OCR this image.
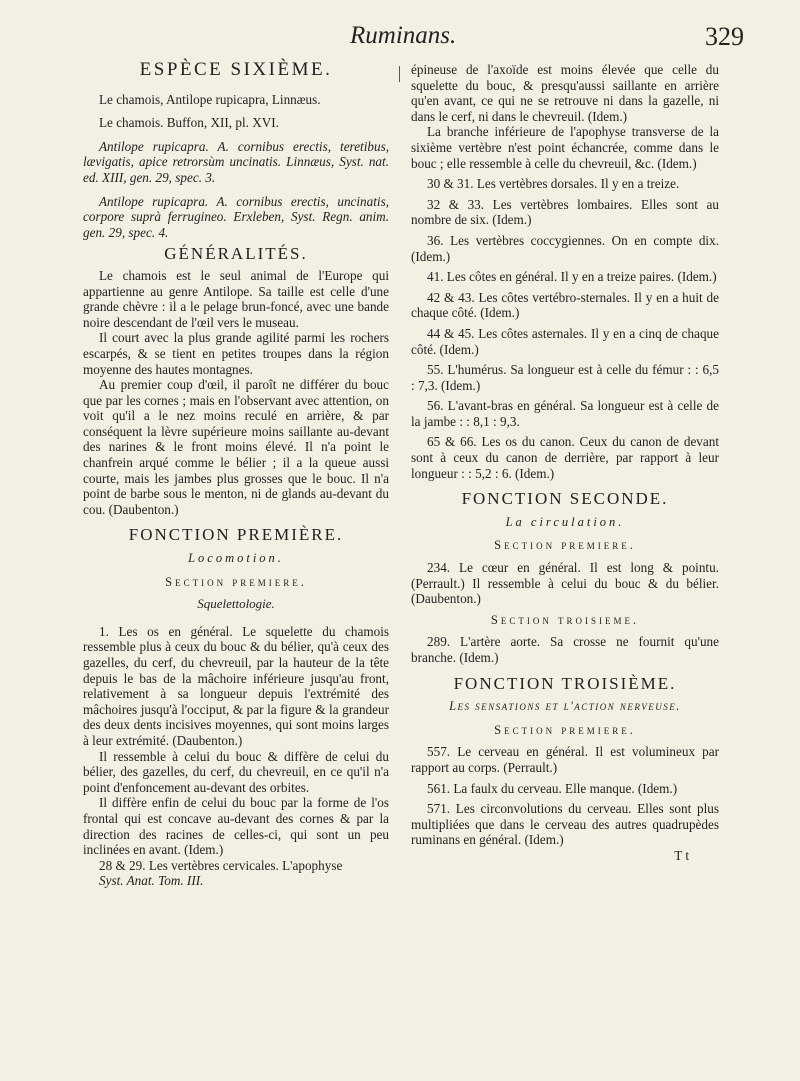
Ruminans.	329
ESPÈCE SIXIÈME.

Le chamois, Antilope rupicapra, Linnæus.

Le chamois. Buffon, XII, pl. XVI.

Antilope rupicapra. A. cornibus erectis, teretibus, lævigatis, apice retrorsùm uncinatis. Linnæus, Syst. nat. ed. XIII, gen. 29, spec. 3.

Antilope rupicapra. A. cornibus erectis, uncinatis, corpore suprà ferrugineo. Erxleben, Syst. Regn. anim. gen. 29, spec. 4.

GÉNÉRALITÉS.

Le chamois est le seul animal de l'Europe qui appartienne au genre Antilope. Sa taille est celle d'une grande chèvre : il a le pelage brun-foncé, avec une bande noire descendant de l'œil vers le museau.

Il court avec la plus grande agilité parmi les rochers escarpés, & se tient en petites troupes dans la région moyenne des hautes montagnes.

Au premier coup d'œil, il paroît ne différer du bouc que par les cornes ; mais en l'observant avec attention, on voit qu'il a le nez moins reculé en arrière, & par conséquent la lèvre supérieure moins saillante au-devant des narines & le front moins élevé. Il n'a point le chanfrein arqué comme le bélier ; il a la queue aussi courte, mais les jambes plus grosses que le bouc. Il n'a point de barbe sous le menton, ni de glands au-devant du cou. (Daubenton.)

FONCTION PREMIÈRE.
Locomotion.
Section premiere.
Squelettologie.

1. Les os en général. Le squelette du chamois ressemble plus à ceux du bouc & du bélier, qu'à ceux des gazelles, du cerf, du chevreuil, par la hauteur de la tête depuis le bas de la mâchoire inférieure jusqu'au front, relativement à sa longueur depuis l'extrémité des mâchoires jusqu'à l'occiput, & par la figure & la grandeur des deux dents incisives moyennes, qui sont moins larges à leur extrémité. (Daubenton.)

Il ressemble à celui du bouc & diffère de celui du bélier, des gazelles, du cerf, du chevreuil, en ce qu'il n'a point d'enfoncement au-devant des orbites.

Il diffère enfin de celui du bouc par la forme de l'os frontal qui est concave au-devant des cornes & par la direction des racines de celles-ci, qui sont un peu inclinées en avant. (Idem.)

28 & 29. Les vertèbres cervicales. L'apophyse

Syst. Anat. Tom. III.

épineuse de l'axoïde est moins élevée que celle du squelette du bouc, & presqu'aussi saillante en arrière qu'en avant, ce qui ne se retrouve ni dans la gazelle, ni dans le cerf, ni dans le chevreuil. (Idem.)

La branche inférieure de l'apophyse transverse de la sixième vertèbre n'est point échancrée, comme dans le bouc ; elle ressemble à celle du chevreuil, &c. (Idem.)

30 & 31. Les vertèbres dorsales. Il y en a treize.

32 & 33. Les vertèbres lombaires. Elles sont au nombre de six. (Idem.)

36. Les vertèbres coccygiennes. On en compte dix. (Idem.)

41. Les côtes en général. Il y en a treize paires. (Idem.)

42 & 43. Les côtes vertébro-sternales. Il y en a huit de chaque côté. (Idem.)

44 & 45. Les côtes asternales. Il y en a cinq de chaque côté. (Idem.)

55. L'humérus. Sa longueur est à celle du fémur : : 6,5 : 7,3. (Idem.)

56. L'avant-bras en général. Sa longueur est à celle de la jambe : : 8,1 : 9,3.

65 & 66. Les os du canon. Ceux du canon de devant sont à ceux du canon de derrière, par rapport à leur longueur : : 5,2 : 6. (Idem.)

FONCTION SECONDE.
La circulation.
Section premiere.

234. Le cœur en général. Il est long & pointu. (Perrault.) Il ressemble à celui du bouc & du bélier. (Daubenton.)

Section troisieme.

289. L'artère aorte. Sa crosse ne fournit qu'une branche. (Idem.)

FONCTION TROISIÈME.
Les sensations et l'action nerveuse.
Section premiere.

557. Le cerveau en général. Il est volumineux par rapport au corps. (Perrault.)

561. La faulx du cerveau. Elle manque. (Idem.)

571. Les circonvolutions du cerveau. Elles sont plus multipliées que dans le cerveau des autres quadrupèdes ruminans en général. (Idem.)

T t
